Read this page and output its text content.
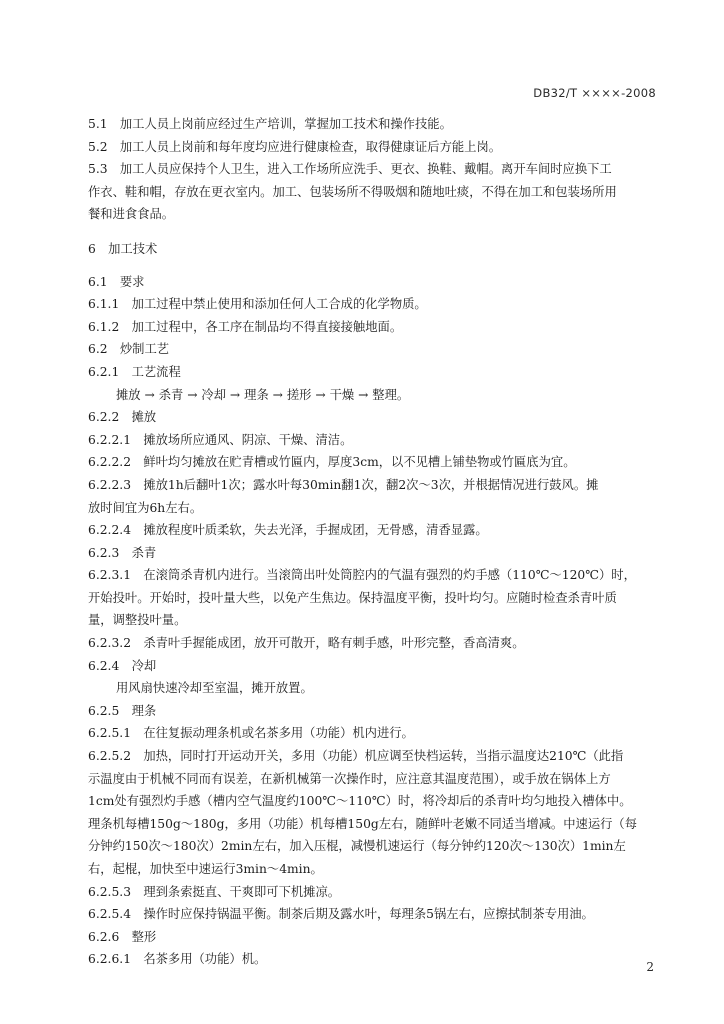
DB32/T ××××-2008
5.1　加工人员上岗前应经过生产培训，掌握加工技术和操作技能。
5.2　加工人员上岗前和每年度均应进行健康检查，取得健康证后方能上岗。
5.3　加工人员应保持个人卫生，进入工作场所应洗手、更衣、换鞋、戴帽。离开车间时应换下工
作衣、鞋和帽，存放在更衣室内。加工、包装场所不得吸烟和随地吐痰，不得在加工和包装场所用
餐和进食食品。
6　加工技术
6.1　要求
6.1.1　加工过程中禁止使用和添加任何人工合成的化学物质。
6.1.2　加工过程中，各工序在制品均不得直接接触地面。
6.2　炒制工艺
6.2.1　工艺流程
摊放 → 杀青 → 冷却 → 理条 → 搓形 → 干燥 → 整理。
6.2.2　摊放
6.2.2.1　摊放场所应通风、阴凉、干燥、清洁。
6.2.2.2　鲜叶均匀摊放在贮青槽或竹匾内，厚度3cm，以不见槽上铺垫物或竹匾底为宜。
6.2.2.3　摊放1h后翻叶1次；露水叶每30min翻1次，翻2次～3次，并根据情况进行鼓风。摊
放时间宜为6h左右。
6.2.2.4　摊放程度叶质柔软，失去光泽，手握成团，无骨感，清香显露。
6.2.3　杀青
6.2.3.1　在滚筒杀青机内进行。当滚筒出叶处筒腔内的气温有强烈的灼手感（110℃～120℃）时，
开始投叶。开始时，投叶量大些，以免产生焦边。保持温度平衡，投叶均匀。应随时检查杀青叶质
量，调整投叶量。
6.2.3.2　杀青叶手握能成团，放开可散开，略有刺手感，叶形完整，香高清爽。
6.2.4　冷却
用风扇快速冷却至室温，摊开放置。
6.2.5　理条
6.2.5.1　在往复振动理条机或名茶多用（功能）机内进行。
6.2.5.2　加热，同时打开运动开关，多用（功能）机应调至快档运转，当指示温度达210℃（此指
示温度由于机械不同而有误差，在新机械第一次操作时，应注意其温度范围），或手放在锅体上方
1cm处有强烈灼手感（槽内空气温度约100℃～110℃）时，将冷却后的杀青叶均匀地投入槽体中。
理条机每槽150g～180g，多用（功能）机每槽150g左右，随鲜叶老嫩不同适当增减。中速运行（每
分钟约150次～180次）2min左右，加入压棍，减慢机速运行（每分钟约120次～130次）1min左
右，起棍，加快至中速运行3min～4min。
6.2.5.3　理到条索挺直、干爽即可下机摊凉。
6.2.5.4　操作时应保持锅温平衡。制茶后期及露水叶，每理条5锅左右，应擦拭制茶专用油。
6.2.6　整形
6.2.6.1　名茶多用（功能）机。
2
